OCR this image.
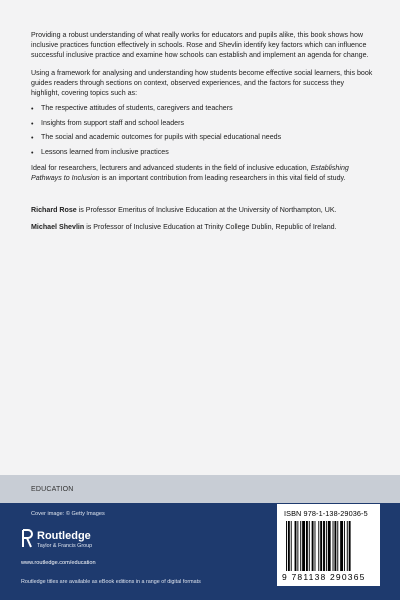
Providing a robust understanding of what really works for educators and pupils alike, this book shows how inclusive practices function effectively in schools. Rose and Shevlin identify key factors which can influence successful inclusive practice and examine how schools can establish and implement an agenda for change.

Using a framework for analysing and understanding how students become effective social learners, this book guides readers through sections on context, observed experiences, and the factors for success they highlight, covering topics such as:

• The respective attitudes of students, caregivers and teachers
• Insights from support staff and school leaders
• The social and academic outcomes for pupils with special educational needs
• Lessons learned from inclusive practices

Ideal for researchers, lecturers and advanced students in the field of inclusive education, Establishing Pathways to Inclusion is an important contribution from leading researchers in this vital field of study.

Richard Rose is Professor Emeritus of Inclusive Education at the University of Northampton, UK.

Michael Shevlin is Professor of Inclusive Education at Trinity College Dublin, Republic of Ireland.

EDUCATION
Cover image: © Getty Images
Routledge
Taylor & Francis Group
www.routledge.com/education
Routledge titles are available as eBook editions in a range of digital formats
ISBN 978-1-138-29036-5
9 781138 290365
